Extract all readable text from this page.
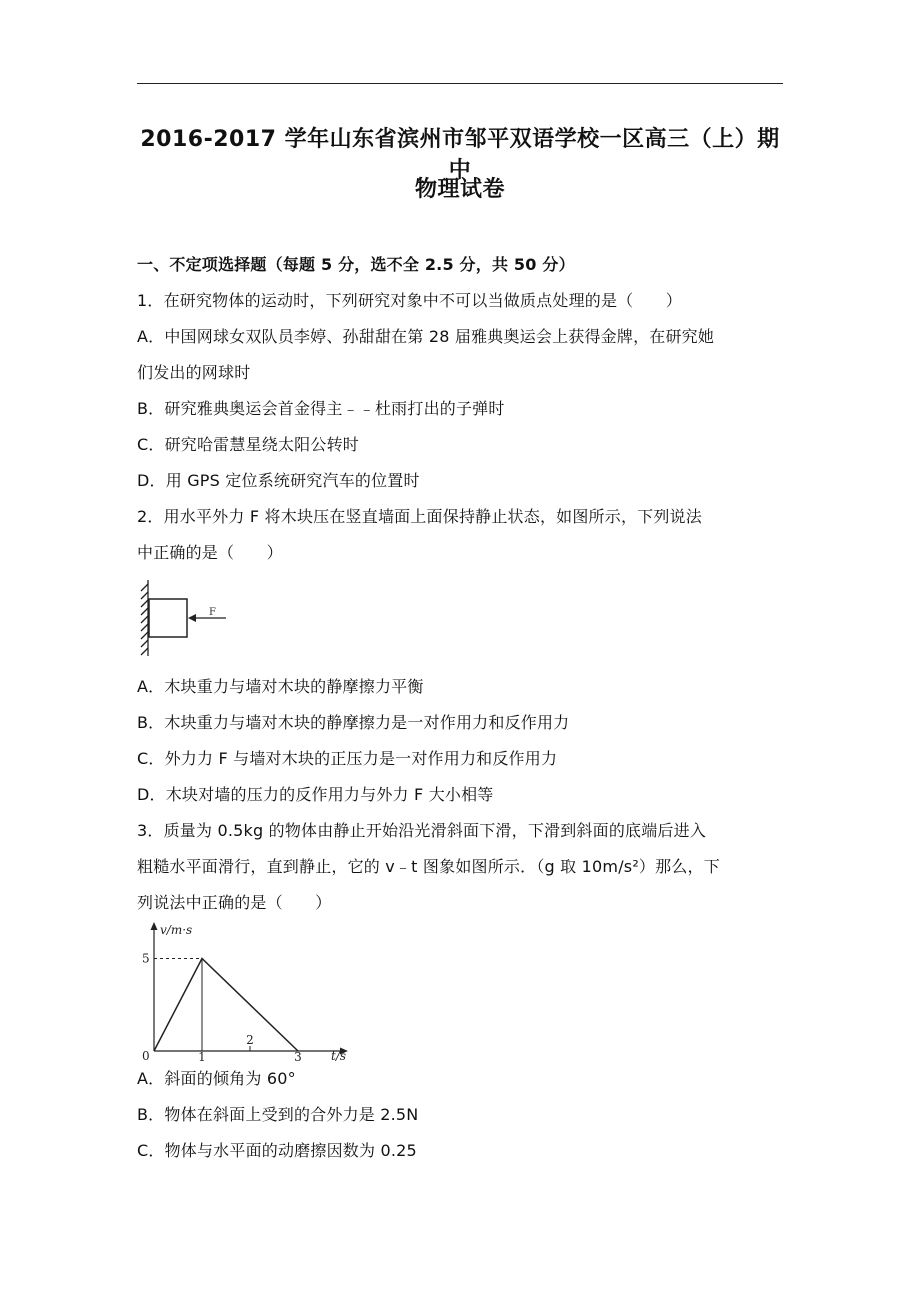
2016-2017 学年山东省滨州市邹平双语学校一区高三（上）期中
物理试卷
一、不定项选择题（每题 5 分，选不全 2.5 分，共 50 分）
1．在研究物体的运动时，下列研究对象中不可以当做质点处理的是（　　）
A．中国网球女双队员李婷、孙甜甜在第 28 届雅典奥运会上获得金牌，在研究她
们发出的网球时
B．研究雅典奥运会首金得主﹣﹣杜雨打出的子弹时
C．研究哈雷慧星绕太阳公转时
D．用 GPS 定位系统研究汽车的位置时
2．用水平外力 F 将木块压在竖直墙面上面保持静止状态，如图所示，下列说法
中正确的是（　　）
F
A．木块重力与墙对木块的静摩擦力平衡
B．木块重力与墙对木块的静摩擦力是一对作用力和反作用力
C．外力力 F 与墙对木块的正压力是一对作用力和反作用力
D．木块对墙的压力的反作用力与外力 F 大小相等
3．质量为 0.5kg 的物体由静止开始沿光滑斜面下滑，下滑到斜面的底端后进入
粗糙水平面滑行，直到静止，它的 v﹣t 图象如图所示．（g 取 10m/s²）那么，下
列说法中正确的是（　　）
v/m·s
t/s
0	1
2
3
5
A．斜面的倾角为 60°
B．物体在斜面上受到的合外力是 2.5N
C．物体与水平面的动磨擦因数为 0.25
